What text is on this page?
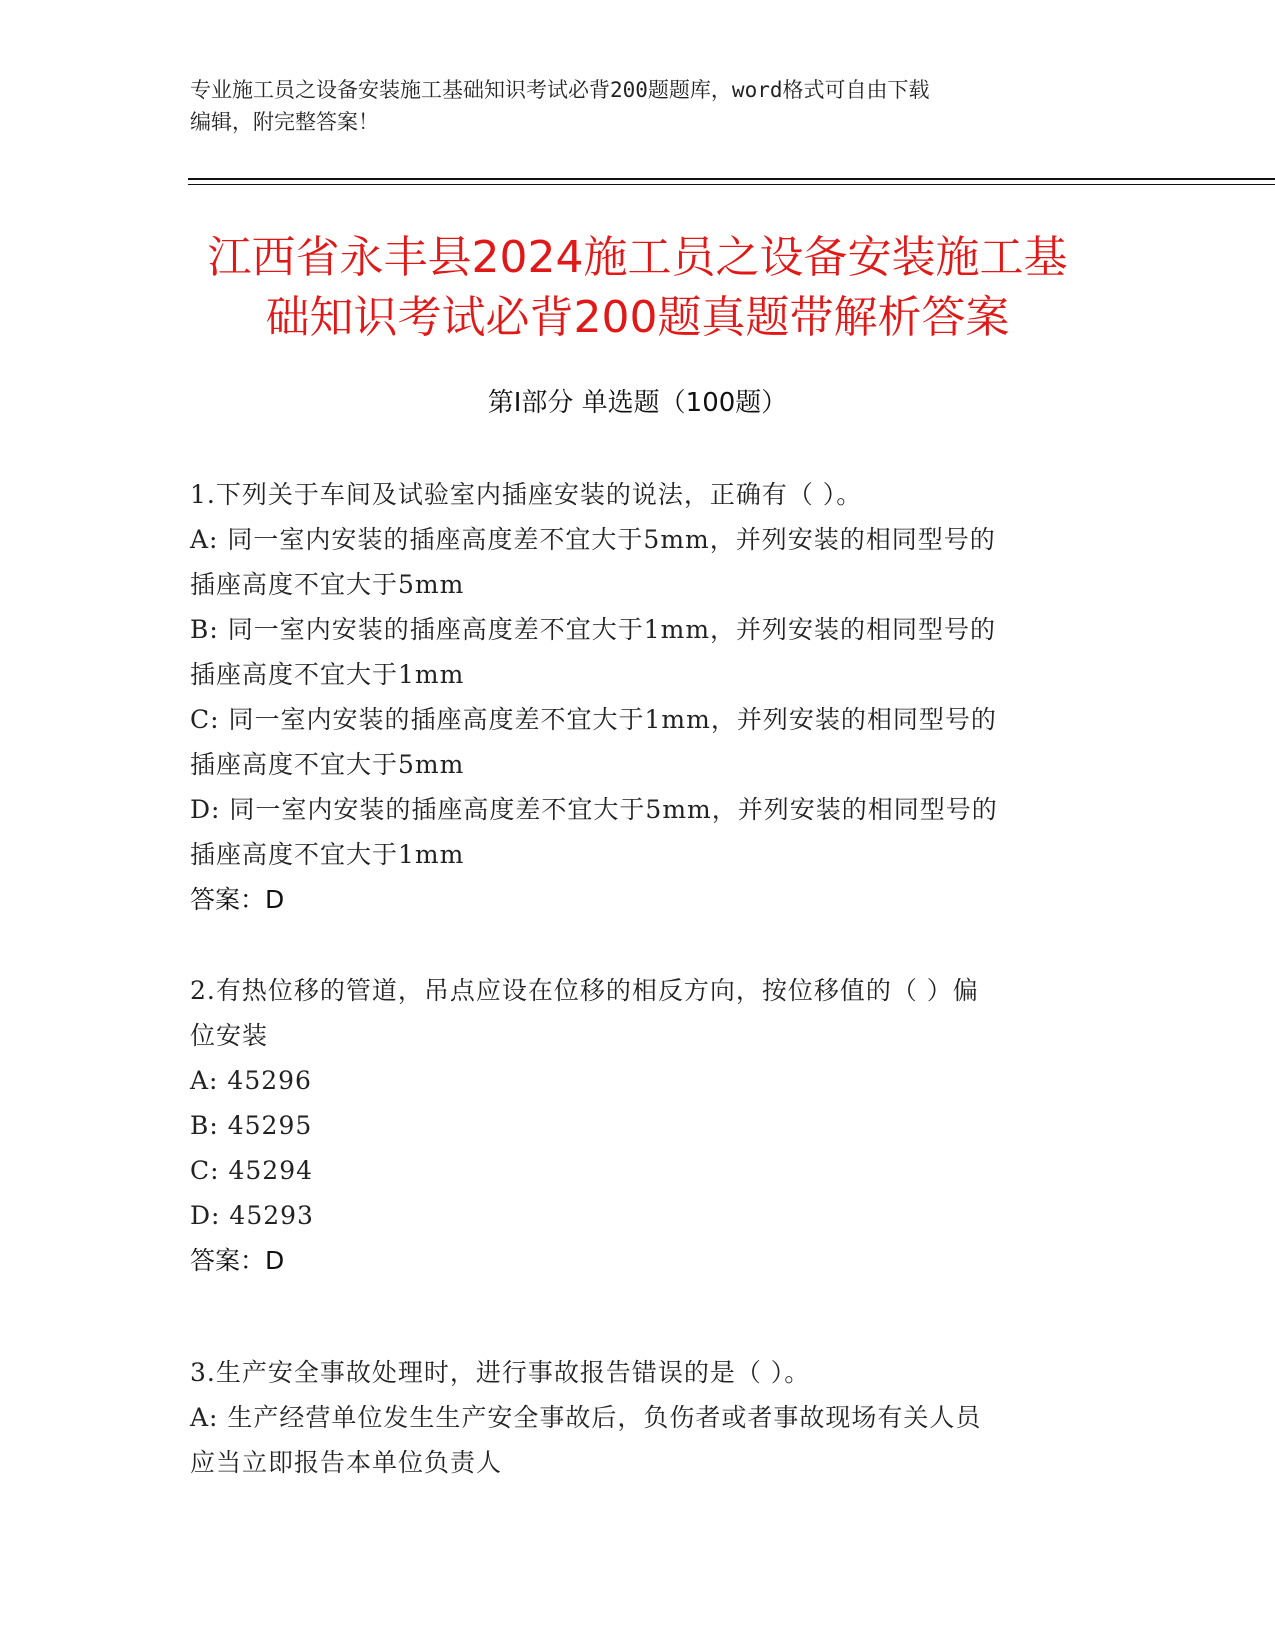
专业施工员之设备安装施工基础知识考试必背200题题库，word格式可自由下载
编辑，附完整答案！
江西省永丰县2024施工员之设备安装施工基
础知识考试必背200题真题带解析答案
第Ⅰ部分 单选题（100题）

1.下列关于车间及试验室内插座安装的说法，正确有（ ）。

A: 同一室内安装的插座高度差不宜大于5mm，并列安装的相同型号的

插座高度不宜大于5mm

B: 同一室内安装的插座高度差不宜大于1mm，并列安装的相同型号的

插座高度不宜大于1mm

C: 同一室内安装的插座高度差不宜大于1mm，并列安装的相同型号的

插座高度不宜大于5mm

D: 同一室内安装的插座高度差不宜大于5mm，并列安装的相同型号的

插座高度不宜大于1mm

答案：D

2.有热位移的管道，吊点应设在位移的相反方向，按位移值的（ ）偏

位安装

A: 45296

B: 45295

C: 45294

D: 45293

答案：D

3.生产安全事故处理时，进行事故报告错误的是（ ）。

A: 生产经营单位发生生产安全事故后，负伤者或者事故现场有关人员

应当立即报告本单位负责人
